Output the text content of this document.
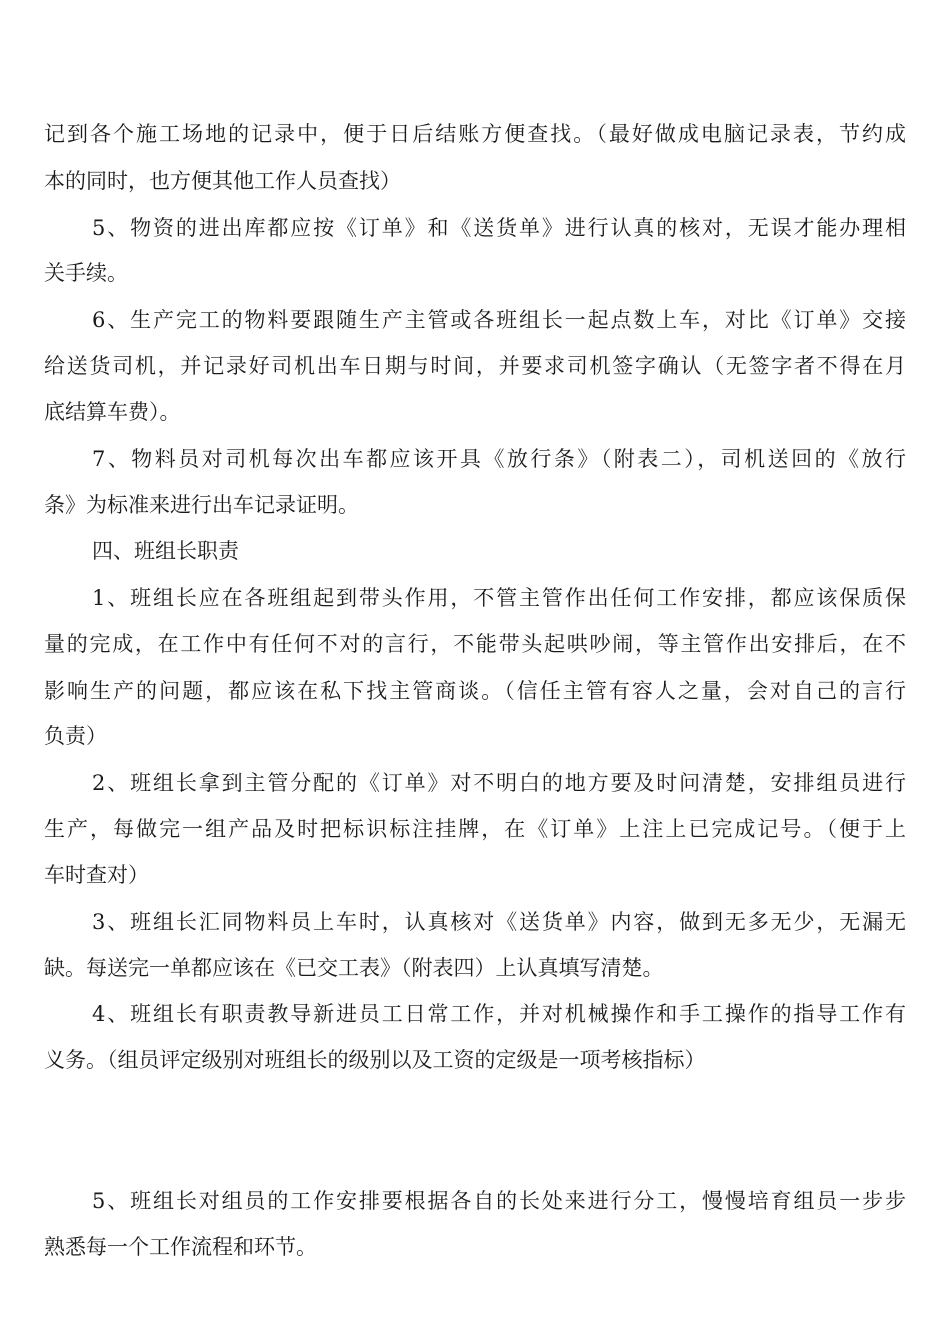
记到各个施工场地的记录中，便于日后结账方便查找。（最好做成电脑记录表，节约成
本的同时，也方便其他工作人员查找）
5、物资的进出库都应按《订单》和《送货单》进行认真的核对，无误才能办理相
关手续。
6、生产完工的物料要跟随生产主管或各班组长一起点数上车，对比《订单》交接
给送货司机，并记录好司机出车日期与时间，并要求司机签字确认（无签字者不得在月
底结算车费）。
7、物料员对司机每次出车都应该开具《放行条》（附表二），司机送回的《放行
条》为标准来进行出车记录证明。
四、班组长职责
1、班组长应在各班组起到带头作用，不管主管作出任何工作安排，都应该保质保
量的完成，在工作中有任何不对的言行，不能带头起哄吵闹，等主管作出安排后，在不
影响生产的问题，都应该在私下找主管商谈。（信任主管有容人之量，会对自己的言行
负责）
2、班组长拿到主管分配的《订单》对不明白的地方要及时问清楚，安排组员进行
生产，每做完一组产品及时把标识标注挂牌，在《订单》上注上已完成记号。（便于上
车时查对）
3、班组长汇同物料员上车时，认真核对《送货单》内容，做到无多无少，无漏无
缺。每送完一单都应该在《已交工表》（附表四）上认真填写清楚。
4、班组长有职责教导新进员工日常工作，并对机械操作和手工操作的指导工作有
义务。（组员评定级别对班组长的级别以及工资的定级是一项考核指标）
5、班组长对组员的工作安排要根据各自的长处来进行分工，慢慢培育组员一步步
熟悉每一个工作流程和环节。
